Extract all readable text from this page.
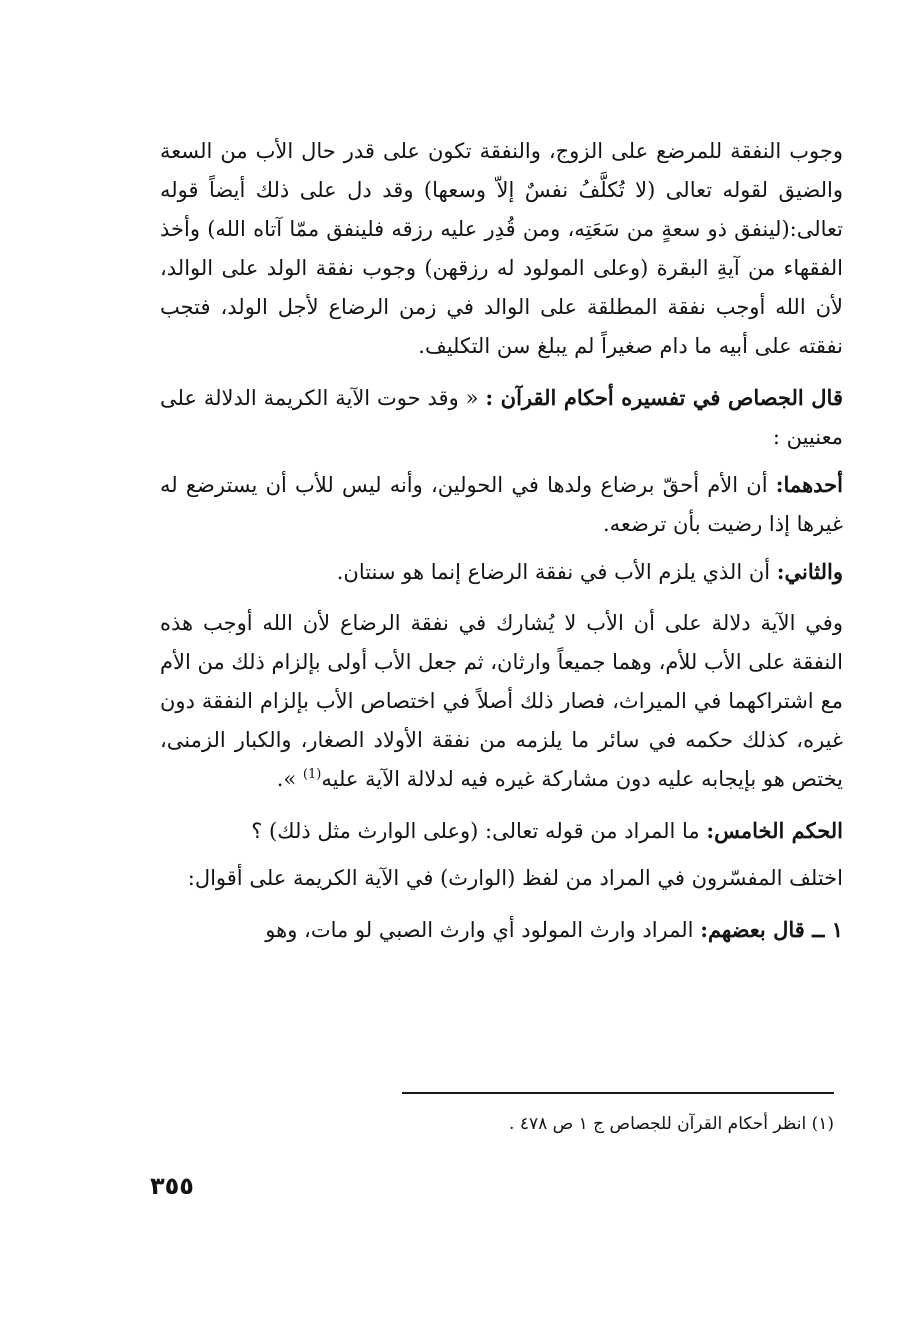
وجوب النفقة للمرضع على الزوج، والنفقة تكون على قدر حال الأب من السعة والضيق لقوله تعالى (لا تُكلَّفُ نفسٌ إلاّ وسعها) وقد دل على ذلك أيضاً قوله تعالى:(لينفق ذو سعةٍ من سَعَتِه، ومن قُدِر عليه رزقه فلينفق ممّا آتاه الله) وأخذ الفقهاء من آيةِ البقرة (وعلى المولود له رزقهن) وجوب نفقة الولد على الوالد، لأن الله أوجب نفقة المطلقة على الوالد في زمن الرضاع لأجل الولد، فتجب نفقته على أبيه ما دام صغيراً لم يبلغ سن التكليف.

قال الجصاص في تفسيره أحكام القرآن : « وقد حوت الآية الكريمة الدلالة على معنيين :

أحدهما: أن الأم أحقّ برضاع ولدها في الحولين، وأنه ليس للأب أن يسترضع له غيرها إذا رضيت بأن ترضعه.

والثاني: أن الذي يلزم الأب في نفقة الرضاع إنما هو سنتان.

وفي الآية دلالة على أن الأب لا يُشارك في نفقة الرضاع لأن الله أوجب هذه النفقة على الأب للأم، وهما جميعاً وارثان، ثم جعل الأب أولى بإلزام ذلك من الأم مع اشتراكهما في الميراث، فصار ذلك أصلاً في اختصاص الأب بإلزام النفقة دون غيره، كذلك حكمه في سائر ما يلزمه من نفقة الأولاد الصغار، والكبار الزمنى، يختص هو بإيجابه عليه دون مشاركة غيره فيه لدلالة الآية عليه$^{(1)}$ ».

الحكم الخامس: ما المراد من قوله تعالى: (وعلى الوارث مثل ذلك) ؟

اختلف المفسّرون في المراد من لفظ (الوارث) في الآية الكريمة على أقوال:

١ ــ قال بعضهم: المراد وارث المولود أي وارث الصبي لو مات، وهو

(١) انظر أحكام القرآن للجصاص ج ١ ص ٤٧٨ .
٣٥٥
